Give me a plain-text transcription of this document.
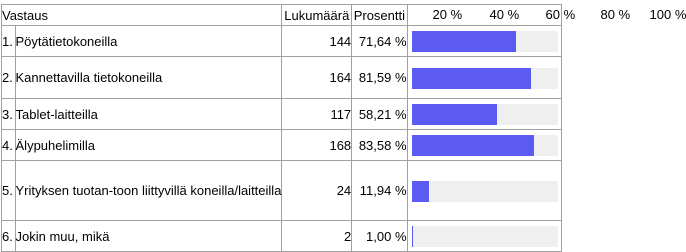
Vastaus		Lukumäärä	Prosentti	20 % 40 % 60 % 80 % 100 %

1.	Pöytätietokoneilla	144	71,64 %	

2.	Kannettavilla tietokoneilla	164	81,59 %	

3.	Tablet-laitteilla	117	58,21 %	

4.	Älypuhelimilla	168	83,58 %	

5.	Yrityksen tuotan-toon liittyvillä koneilla/laitteilla	24	11,94 %	

6.	Jokin muu, mikä	2	1,00 %	
